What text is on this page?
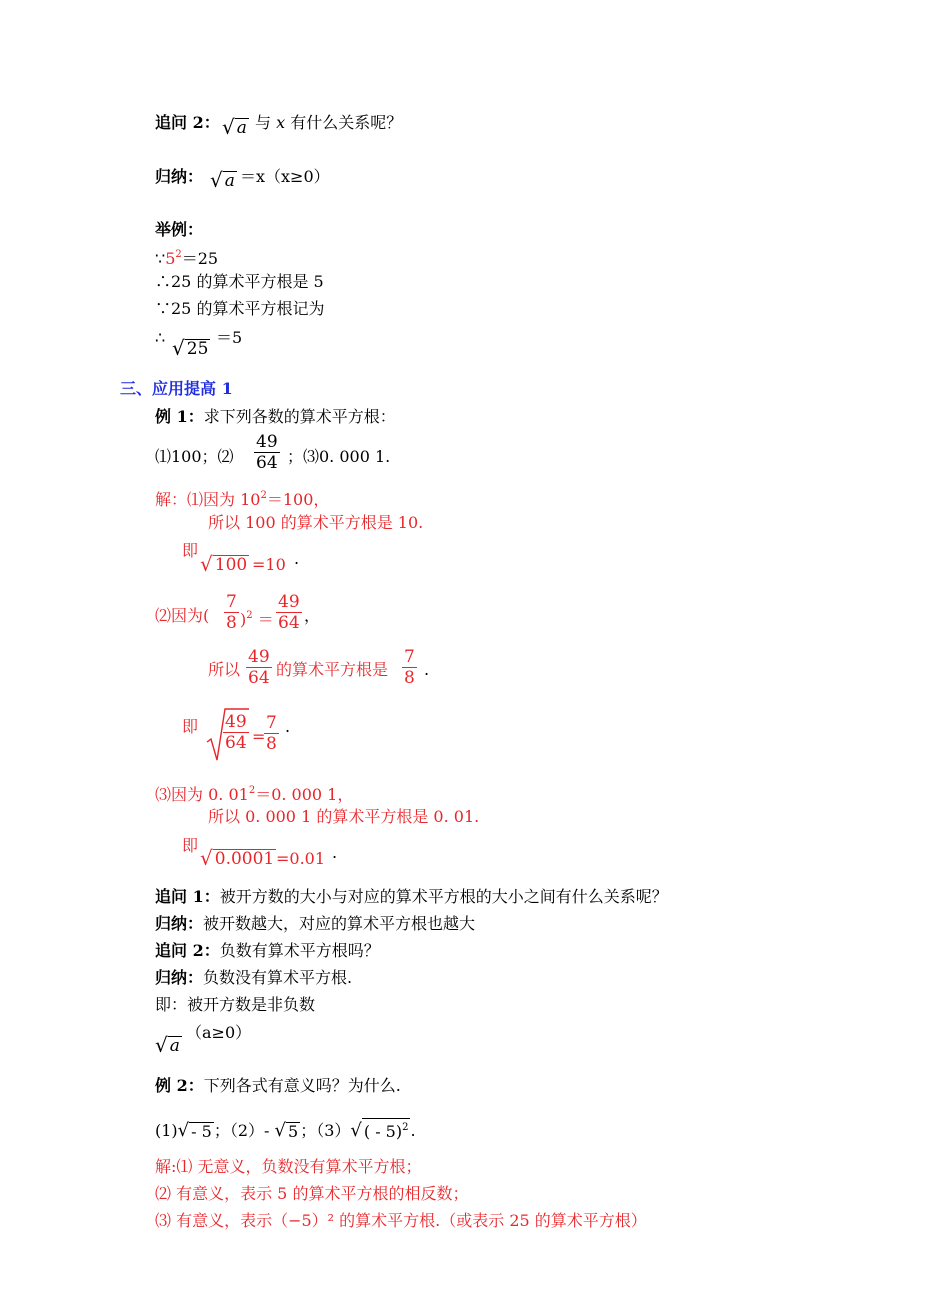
追问 2： √ a 与 x 有什么关系呢？
归纳： √ a ＝x（x≥0）
举例：
$\because 5^2=25$
∴25 的算术平方根是 5
∵25 的算术平方根记为
∴ √ 25
＝5
三、应用提高 1
例 1：求下列各数的算术平方根：
⑴100；⑵ $\frac{49}{64}$ ；⑶0. 000 1.
解：⑴因为 $10^2=100$，
所以 100 的算术平方根是 10.
即
√ 100 =10 .
⑵因为( $\frac{7}{8} )^2 = \frac{49}{64}$ ，
所以 $\frac{49}{64}$ 的算术平方根是 $\frac{7}{8}$ .
即 $\frac{49}{64}$ =
$\frac{7}{8}$ .
⑶因为 0. $01^2=0$. 000 1，
所以 0. 000 1 的算术平方根是 0. 01.
即
√ 0.0001 =0.01 .
追问 1：被开方数的大小与对应的算术平方根的大小之间有什么关系呢？
归纳：被开数越大，对应的算术平方根也越大
追问 2：负数有算术平方根吗？
归纳：负数没有算术平方根.
即：被开方数是非负数
√ a
（a≥0）
例 2：下列各式有意义吗？为什么.
(1)√ - 5 ；（2）- √ 5 ；（3）√ ( - 5)$^2$ .
解:⑴ 无意义，负数没有算术平方根；
⑵ 有意义，表示 5 的算术平方根的相反数；
⑶ 有意义，表示（−5）² 的算术平方根.（或表示 25 的算术平方根）
